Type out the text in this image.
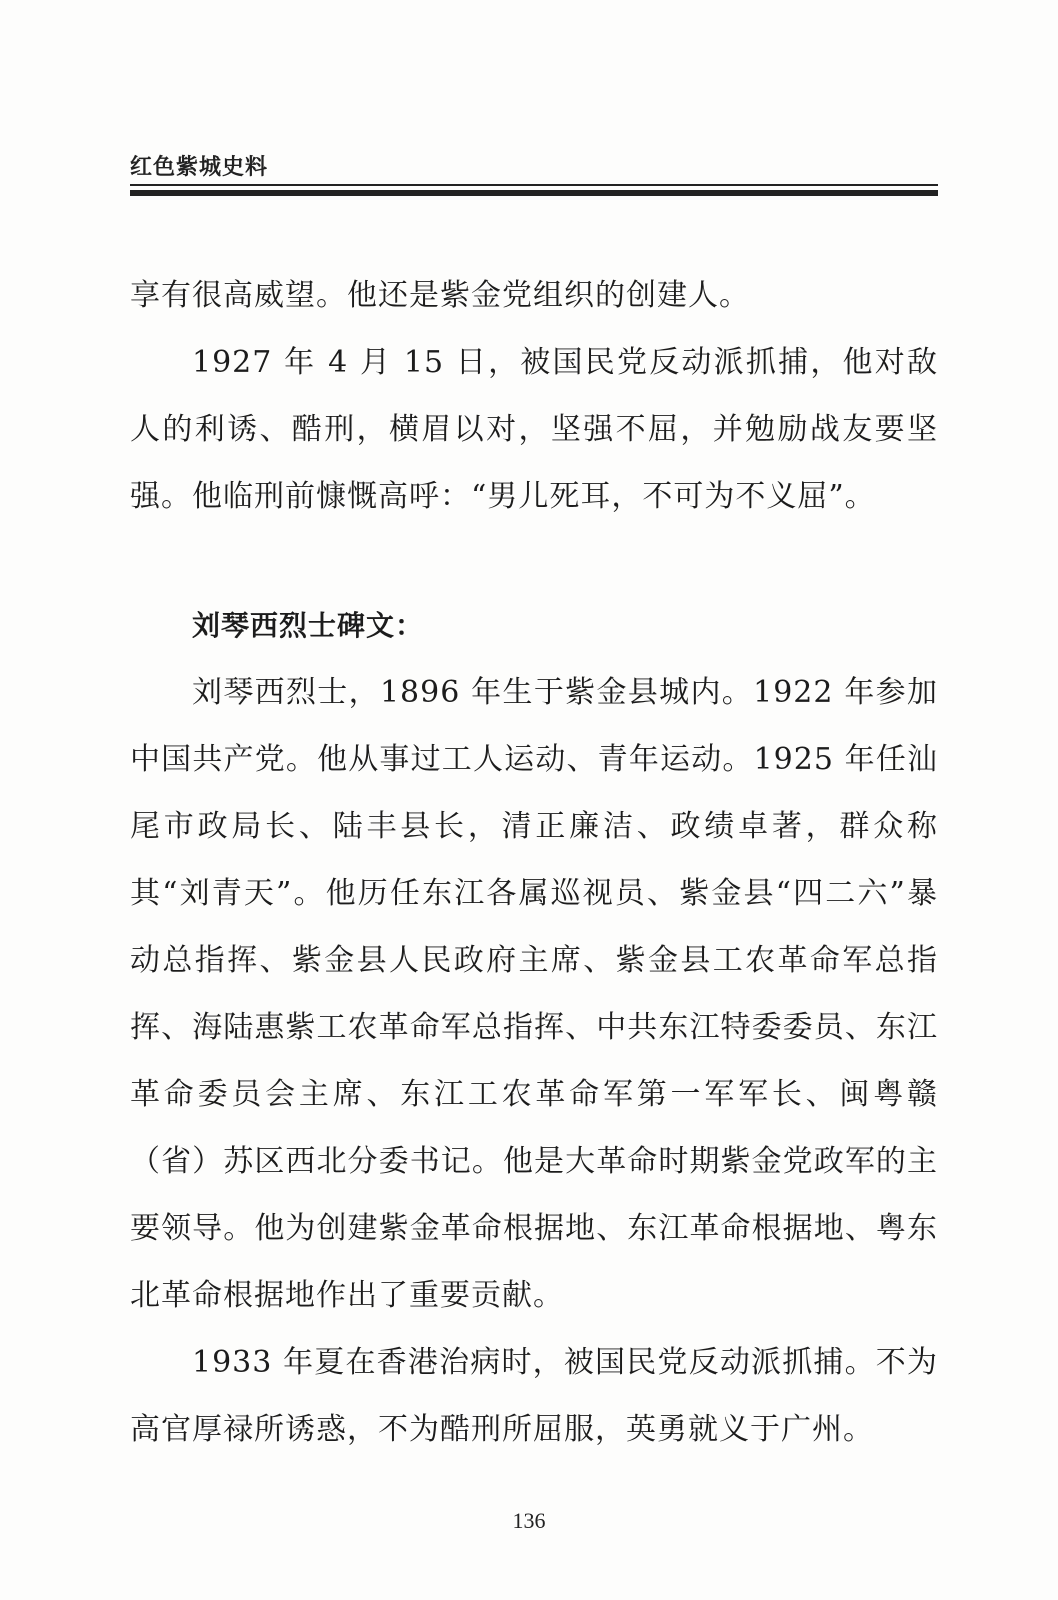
红色紫城史料

享有很高威望。他还是紫金党组织的创建人。

1927 年 4 月 15 日，被国民党反动派抓捕，他对敌人的利诱、酷刑，横眉以对，坚强不屈，并勉励战友要坚强。他临刑前慷慨高呼：“男儿死耳，不可为不义屈”。

刘琴西烈士碑文：

刘琴西烈士，1896 年生于紫金县城内。1922 年参加中国共产党。他从事过工人运动、青年运动。1925 年任汕尾市政局长、陆丰县长，清正廉洁、政绩卓著，群众称其“刘青天”。他历任东江各属巡视员、紫金县“四二六”暴动总指挥、紫金县人民政府主席、紫金县工农革命军总指挥、海陆惠紫工农革命军总指挥、中共东江特委委员、东江革命委员会主席、东江工农革命军第一军军长、闽粤赣（省）苏区西北分委书记。他是大革命时期紫金党政军的主要领导。他为创建紫金革命根据地、东江革命根据地、粤东北革命根据地作出了重要贡献。

1933 年夏在香港治病时，被国民党反动派抓捕。不为高官厚禄所诱惑，不为酷刑所屈服，英勇就义于广州。

136
